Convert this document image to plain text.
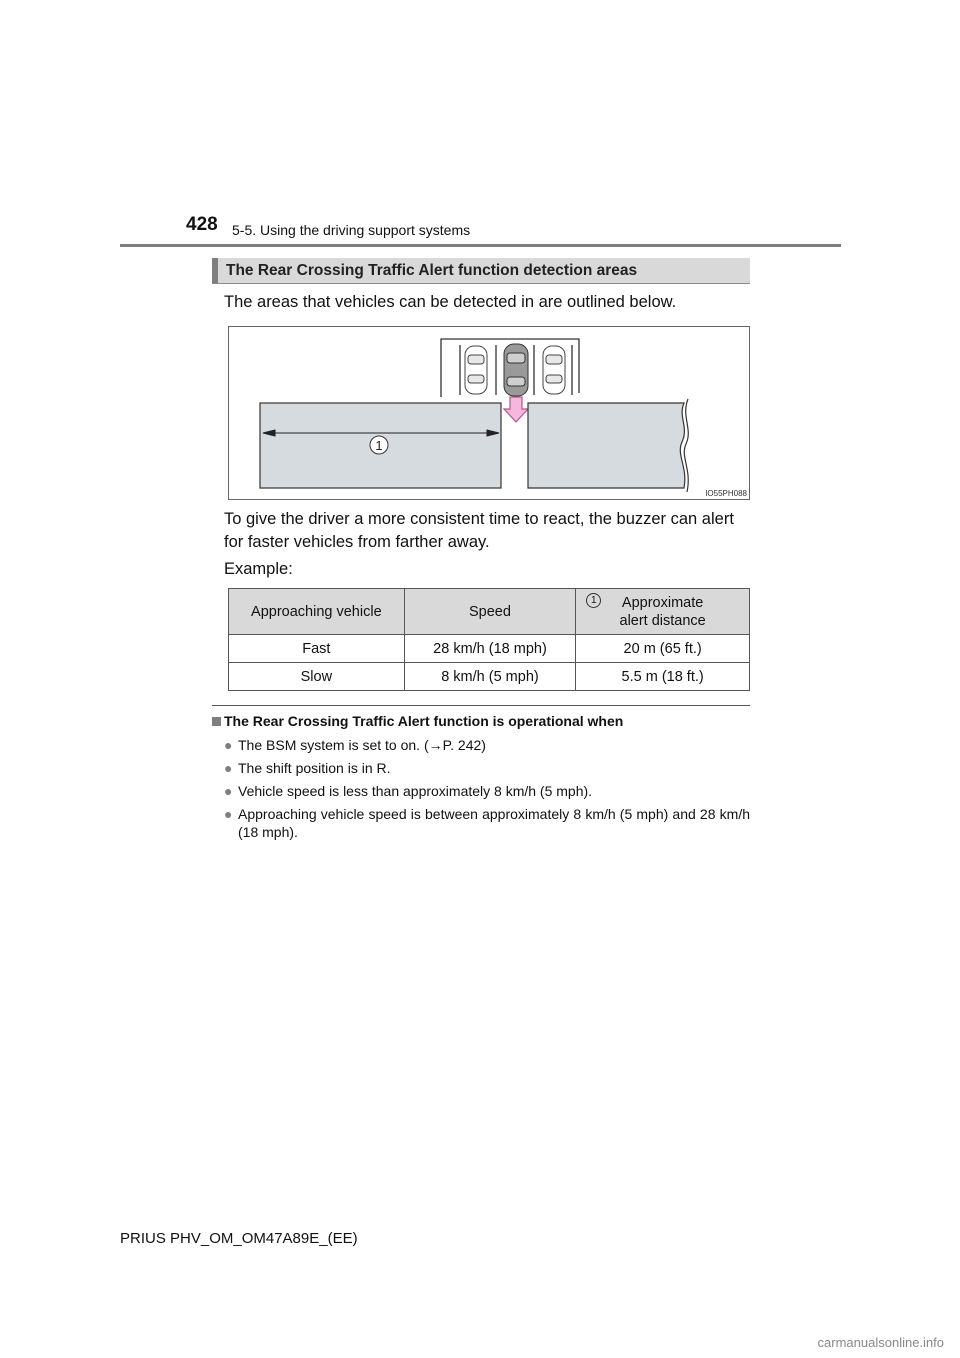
428 5-5. Using the driving support systems
The Rear Crossing Traffic Alert function detection areas
The areas that vehicles can be detected in are outlined below.
1
IO55PH088
To give the driver a more consistent time to react, the buzzer can alert
for faster vehicles from farther away.
Example:
Approaching vehicle	Speed	1 Approximate
alert distance

Fast	28 km/h (18 mph)	20 m (65 ft.)
Slow	8 km/h (5 mph)	5.5 m (18 ft.)
The Rear Crossing Traffic Alert function is operational when
● The BSM system is set to on. (→P. 242)
● The shift position is in R.
● Vehicle speed is less than approximately 8 km/h (5 mph).
● Approaching vehicle speed is between approximately 8 km/h (5 mph) and 28 km/h (18 mph).
PRIUS PHV_OM_OM47A89E_(EE)
carmanualsonline.info
